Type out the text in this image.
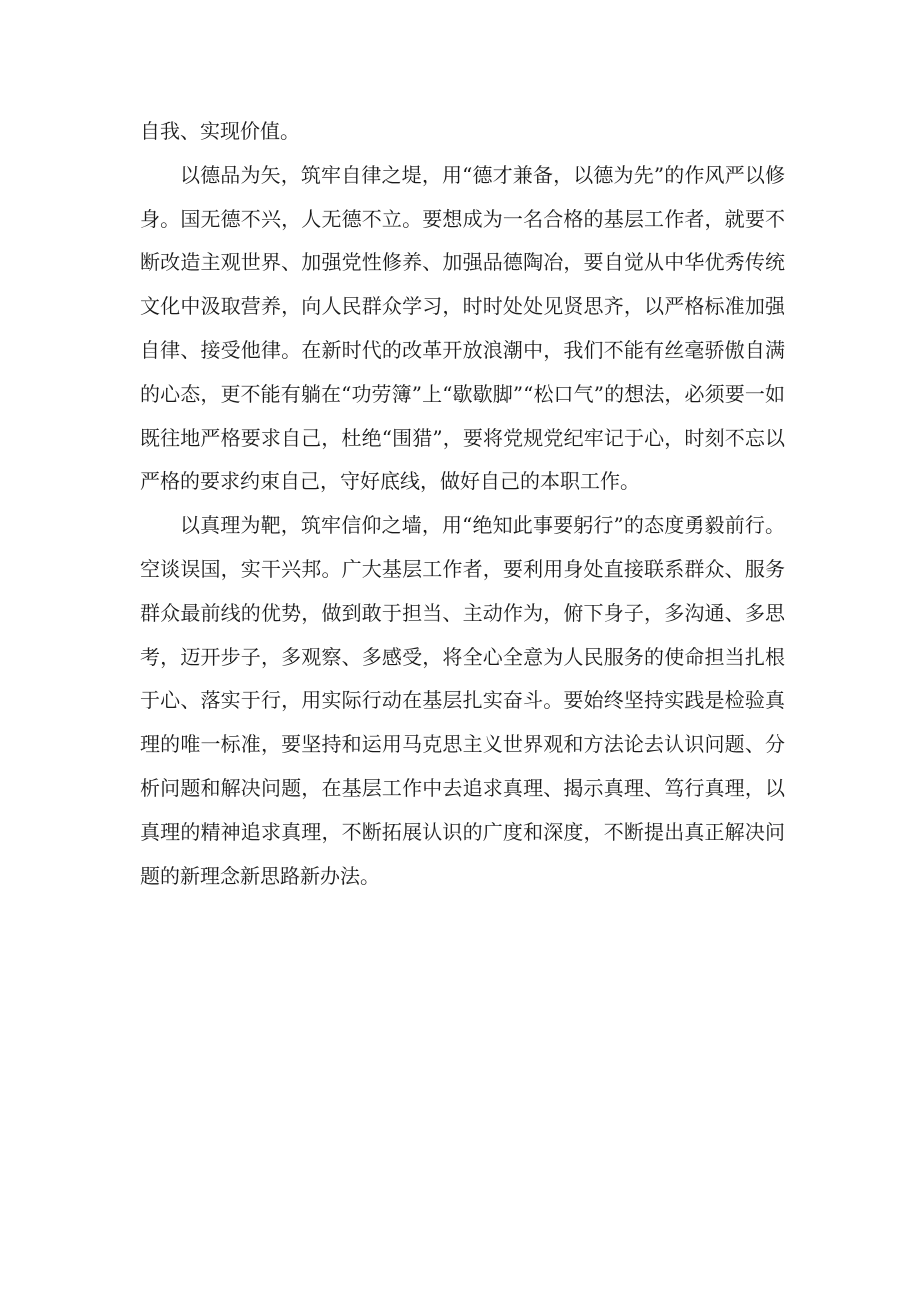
自我、实现价值。

以德品为矢，筑牢自律之堤，用“德才兼备，以德为先”的作风严以修身。国无德不兴，人无德不立。要想成为一名合格的基层工作者，就要不断改造主观世界、加强党性修养、加强品德陶冶，要自觉从中华优秀传统文化中汲取营养，向人民群众学习，时时处处见贤思齐，以严格标准加强自律、接受他律。在新时代的改革开放浪潮中，我们不能有丝毫骄傲自满的心态，更不能有躺在“功劳簿”上“歇歇脚”“松口气”的想法，必须要一如既往地严格要求自己，杜绝“围猎”，要将党规党纪牢记于心，时刻不忘以严格的要求约束自己，守好底线，做好自己的本职工作。

以真理为靶，筑牢信仰之墙，用“绝知此事要躬行”的态度勇毅前行。空谈误国，实干兴邦。广大基层工作者，要利用身处直接联系群众、服务群众最前线的优势，做到敢于担当、主动作为，俯下身子，多沟通、多思考，迈开步子，多观察、多感受，将全心全意为人民服务的使命担当扎根于心、落实于行，用实际行动在基层扎实奋斗。要始终坚持实践是检验真理的唯一标准，要坚持和运用马克思主义世界观和方法论去认识问题、分析问题和解决问题，在基层工作中去追求真理、揭示真理、笃行真理，以真理的精神追求真理，不断拓展认识的广度和深度，不断提出真正解决问题的新理念新思路新办法。
